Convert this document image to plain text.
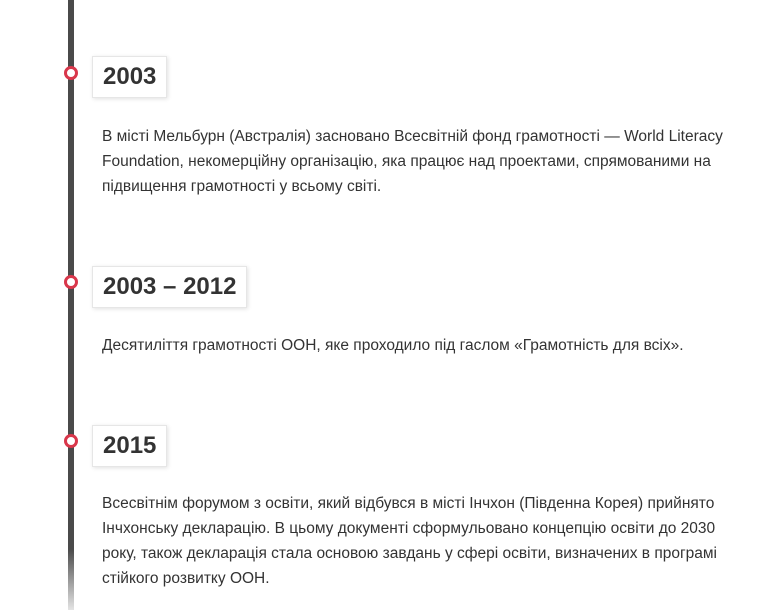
2003

В місті Мельбурн (Австралія) засновано Всесвітній фонд грамотності — World Literacy Foundation, некомерційну організацію, яка працює над проектами, спрямованими на підвищення грамотності у всьому світі.

2003 – 2012

Десятиліття грамотності ООН, яке проходило під гаслом «Грамотність для всіх».

2015

Всесвітнім форумом з освіти, який відбувся в місті Інчхон (Південна Корея) прийнято Інчхонську декларацію. В цьому документі сформульовано концепцію освіти до 2030 року, також декларація стала основою завдань у сфері освіти, визначених в програмі стійкого розвитку ООН.
